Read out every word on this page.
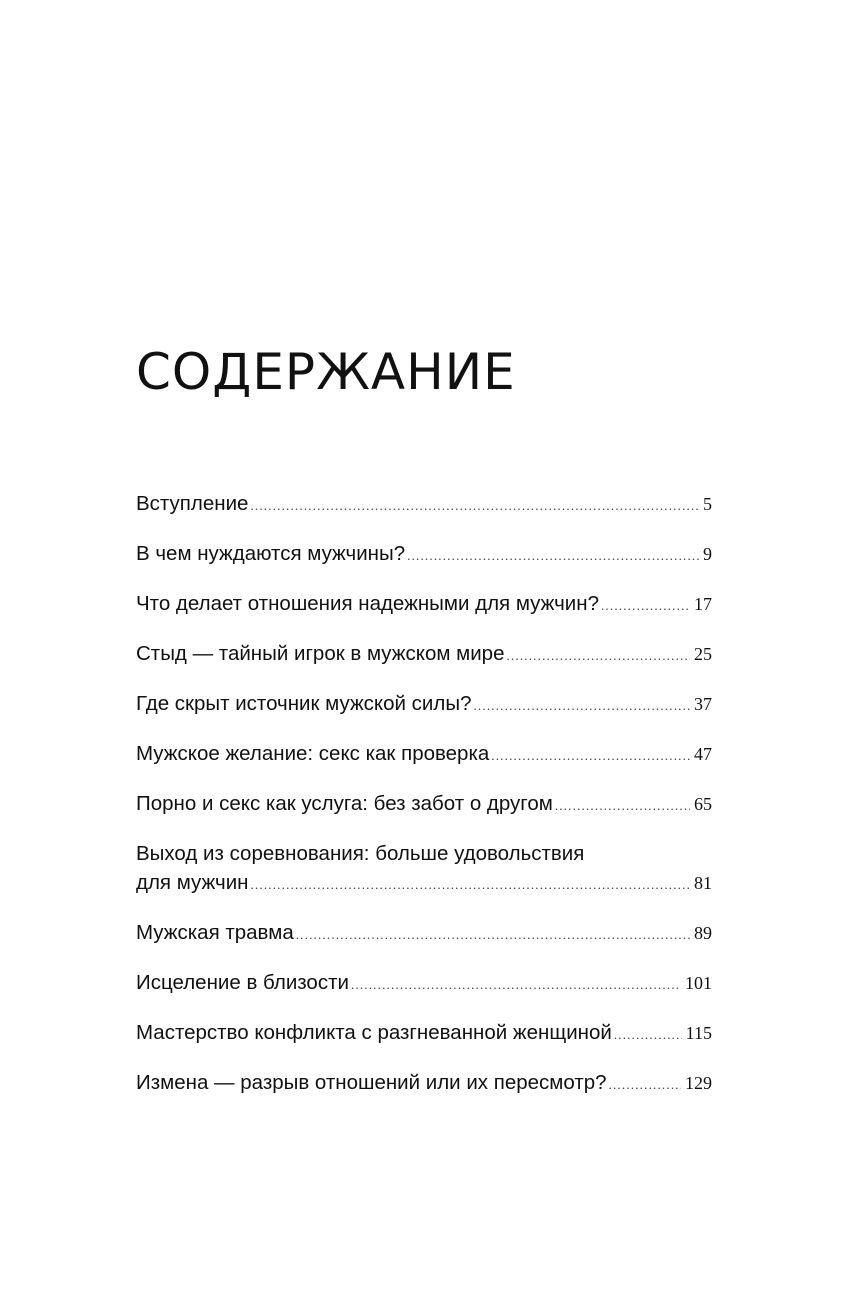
СОДЕРЖАНИЕ
Вступление .....	5
В чем нуждаются мужчины? .....	9
Что делает отношения надежными для мужчин? .....	17
Стыд — тайный игрок в мужском мире .....	25
Где скрыт источник мужской силы? .....	37
Мужское желание: секс как проверка .....	47
Порно и секс как услуга: без забот о другом .....	65
Выход из соревнования: больше удовольствия
для мужчин .....	81
Мужская травма .....	89
Исцеление в близости .....	101
Мастерство конфликта с разгневанной женщиной .....	115
Измена — разрыв отношений или их пересмотр? .....	129
